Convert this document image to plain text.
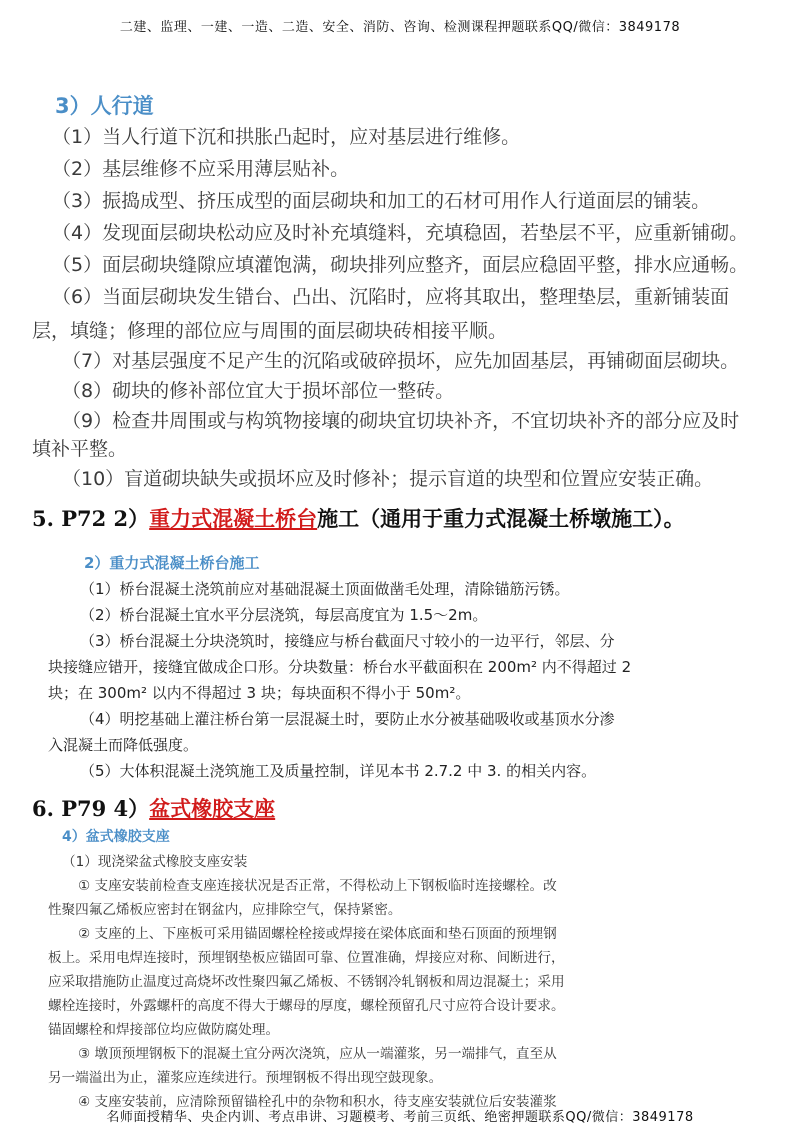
二建、监理、一建、一造、二造、安全、消防、咨询、检测课程押题联系QQ/微信：3849178
3）人行道
（1）当人行道下沉和拱胀凸起时，应对基层进行维修。
（2）基层维修不应采用薄层贴补。
（3）振捣成型、挤压成型的面层砌块和加工的石材可用作人行道面层的铺装。
（4）发现面层砌块松动应及时补充填缝料，充填稳固，若垫层不平，应重新铺砌。
（5）面层砌块缝隙应填灌饱满，砌块排列应整齐，面层应稳固平整，排水应通畅。
（6）当面层砌块发生错台、凸出、沉陷时，应将其取出，整理垫层，重新铺装面
层，填缝；修理的部位应与周围的面层砌块砖相接平顺。
（7）对基层强度不足产生的沉陷或破碎损坏，应先加固基层，再铺砌面层砌块。
（8）砌块的修补部位宜大于损坏部位一整砖。
（9）检查井周围或与构筑物接壤的砌块宜切块补齐，不宜切块补齐的部分应及时
填补平整。
（10）盲道砌块缺失或损坏应及时修补；提示盲道的块型和位置应安装正确。
5. P72 2）重力式混凝土桥台施工（通用于重力式混凝土桥墩施工）。
2）重力式混凝土桥台施工
（1）桥台混凝土浇筑前应对基础混凝土顶面做凿毛处理，清除锚筋污锈。
（2）桥台混凝土宜水平分层浇筑，每层高度宜为 1.5～2m。
（3）桥台混凝土分块浇筑时，接缝应与桥台截面尺寸较小的一边平行，邻层、分
块接缝应错开，接缝宜做成企口形。分块数量：桥台水平截面积在 200m² 内不得超过 2
块；在 300m² 以内不得超过 3 块；每块面积不得小于 50m²。
（4）明挖基础上灌注桥台第一层混凝土时，要防止水分被基础吸收或基顶水分渗
入混凝土而降低强度。
（5）大体积混凝土浇筑施工及质量控制，详见本书 2.7.2 中 3. 的相关内容。
6. P79 4）盆式橡胶支座
4）盆式橡胶支座
（1）现浇梁盆式橡胶支座安装
① 支座安装前检查支座连接状况是否正常，不得松动上下钢板临时连接螺栓。改
性聚四氟乙烯板应密封在钢盆内，应排除空气，保持紧密。
② 支座的上、下座板可采用锚固螺栓栓接或焊接在梁体底面和垫石顶面的预埋钢
板上。采用电焊连接时，预埋钢垫板应锚固可靠、位置准确，焊接应对称、间断进行，
应采取措施防止温度过高烧坏改性聚四氟乙烯板、不锈钢冷轧钢板和周边混凝土；采用
螺栓连接时，外露螺杆的高度不得大于螺母的厚度，螺栓预留孔尺寸应符合设计要求。
锚固螺栓和焊接部位均应做防腐处理。
③ 墩顶预埋钢板下的混凝土宜分两次浇筑，应从一端灌浆，另一端排气，直至从
另一端溢出为止，灌浆应连续进行。预埋钢板不得出现空鼓现象。
④ 支座安装前，应清除预留锚栓孔中的杂物和积水，待支座安装就位后安装灌浆
名师面授精华、央企内训、考点串讲、习题模考、考前三页纸、绝密押题联系QQ/微信：3849178
